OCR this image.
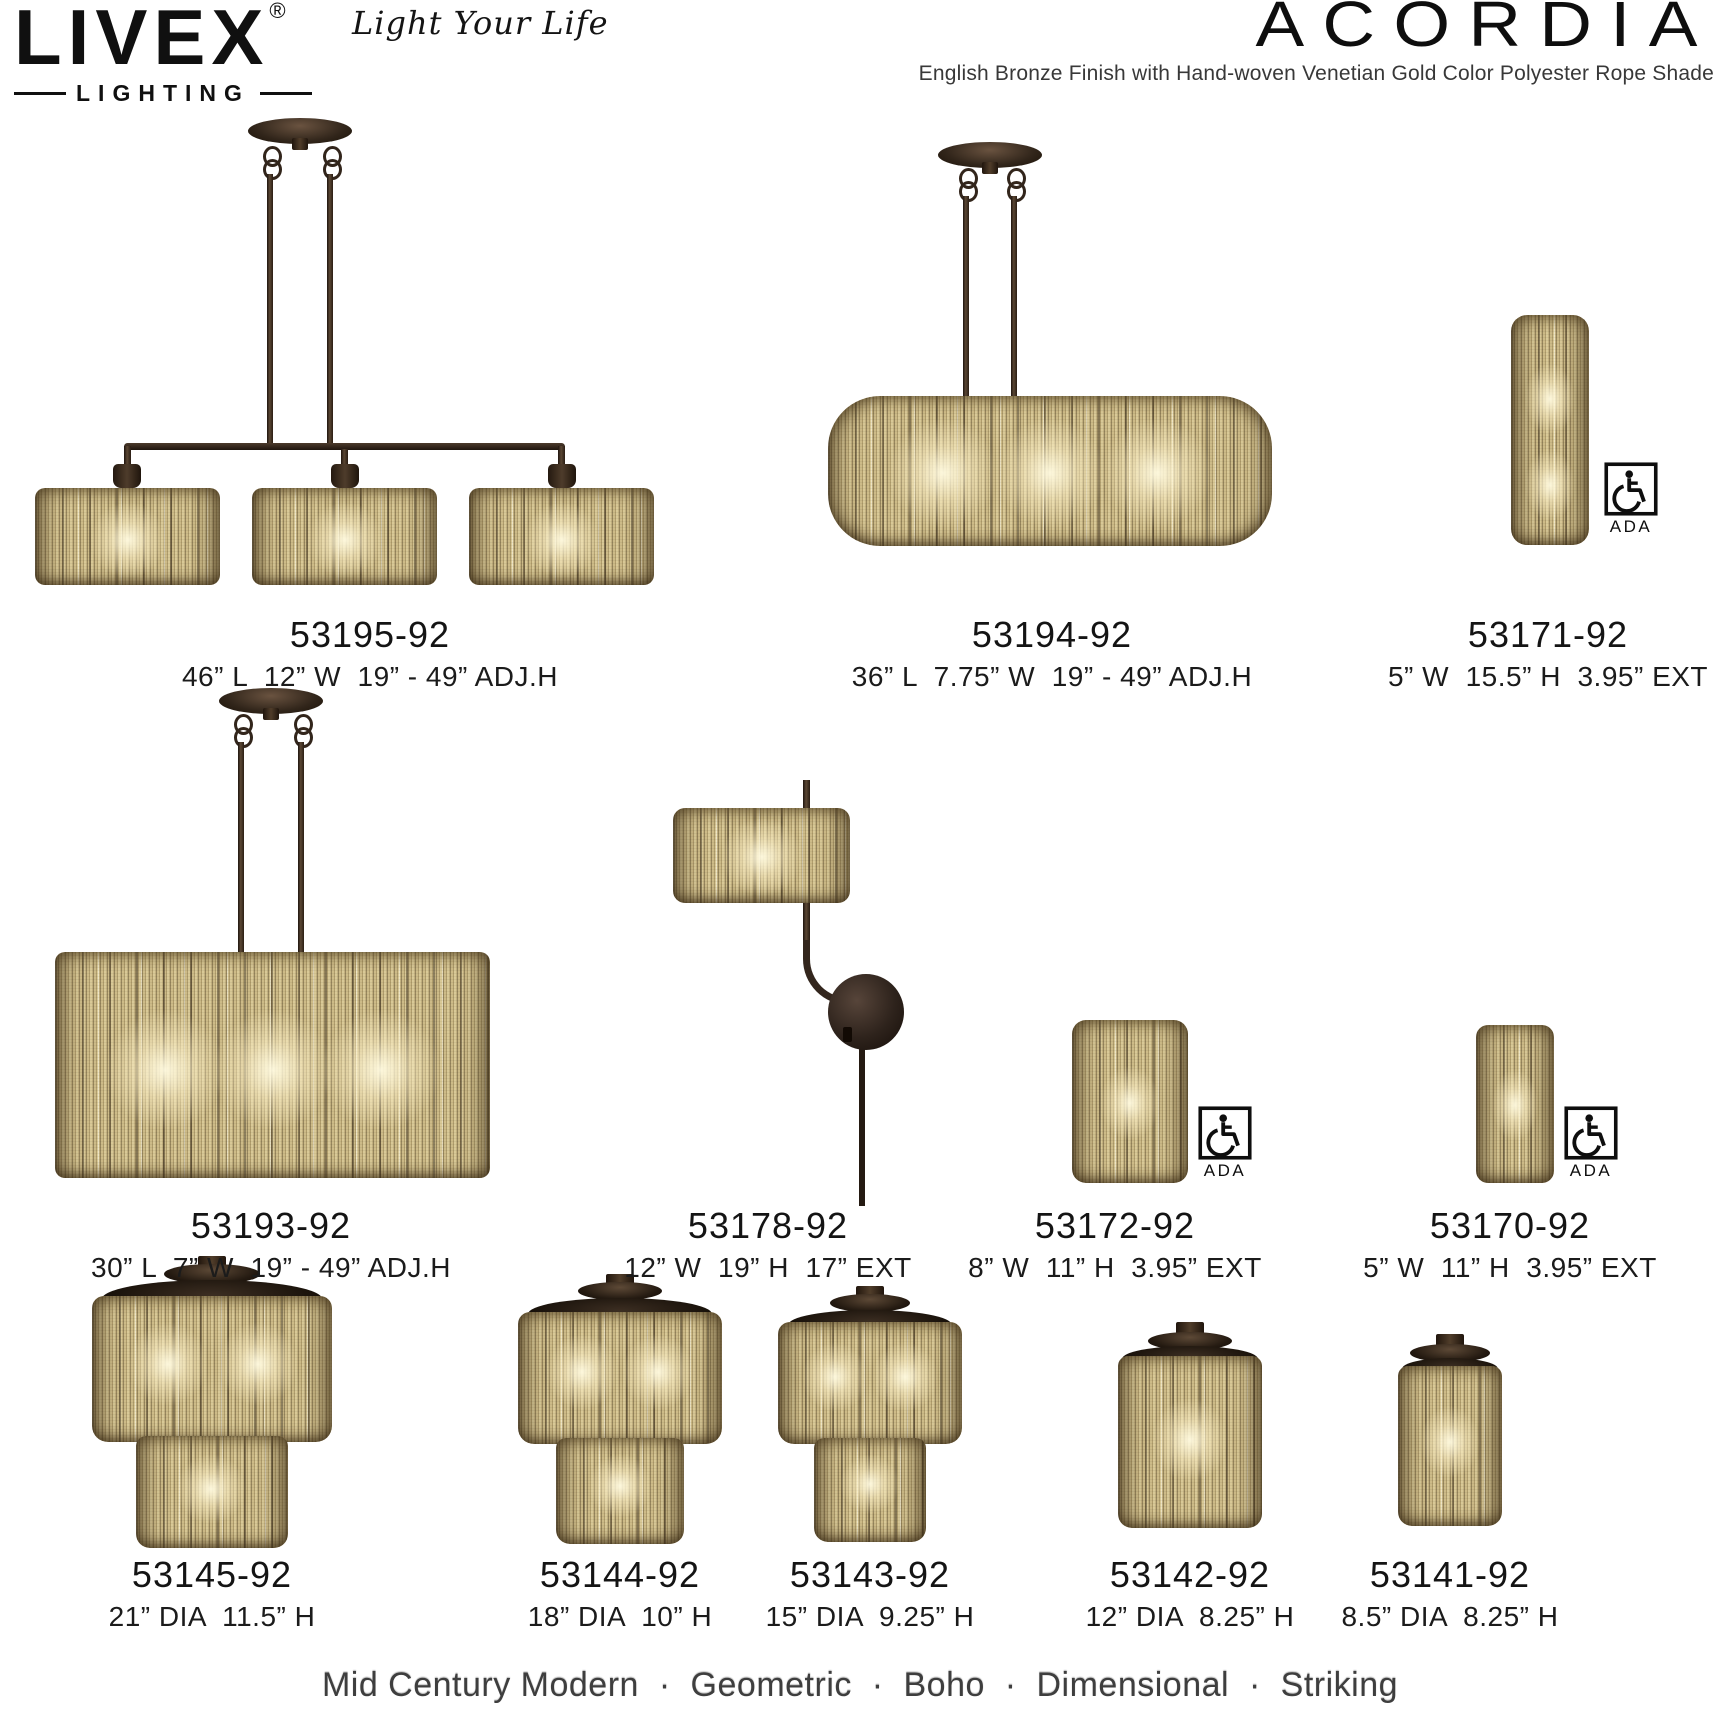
LIVEX®
LIGHTING
Light Your Life	ACORDIA
English Bronze Finish with Hand-woven Venetian Gold Color Polyester Rope Shade
ADA
ADA	ADA
53195-92
46” L  12” W  19” - 49” ADJ.H
53194-92
36” L  7.75” W  19” - 49” ADJ.H
53171-92
5” W  15.5” H  3.95” EXT
53193-92
30” L  7” W  19” - 49” ADJ.H
53178-92
12” W  19” H  17” EXT
53172-92
8” W  11” H  3.95” EXT
53170-92
5” W  11” H  3.95” EXT
53145-92
21” DIA  11.5” H
53144-92
18” DIA  10” H
53143-92
15” DIA  9.25” H
53142-92
12” DIA  8.25” H
53141-92
8.5” DIA  8.25” H
Mid Century Modern  ·  Geometric  ·  Boho  ·  Dimensional  ·  Striking
